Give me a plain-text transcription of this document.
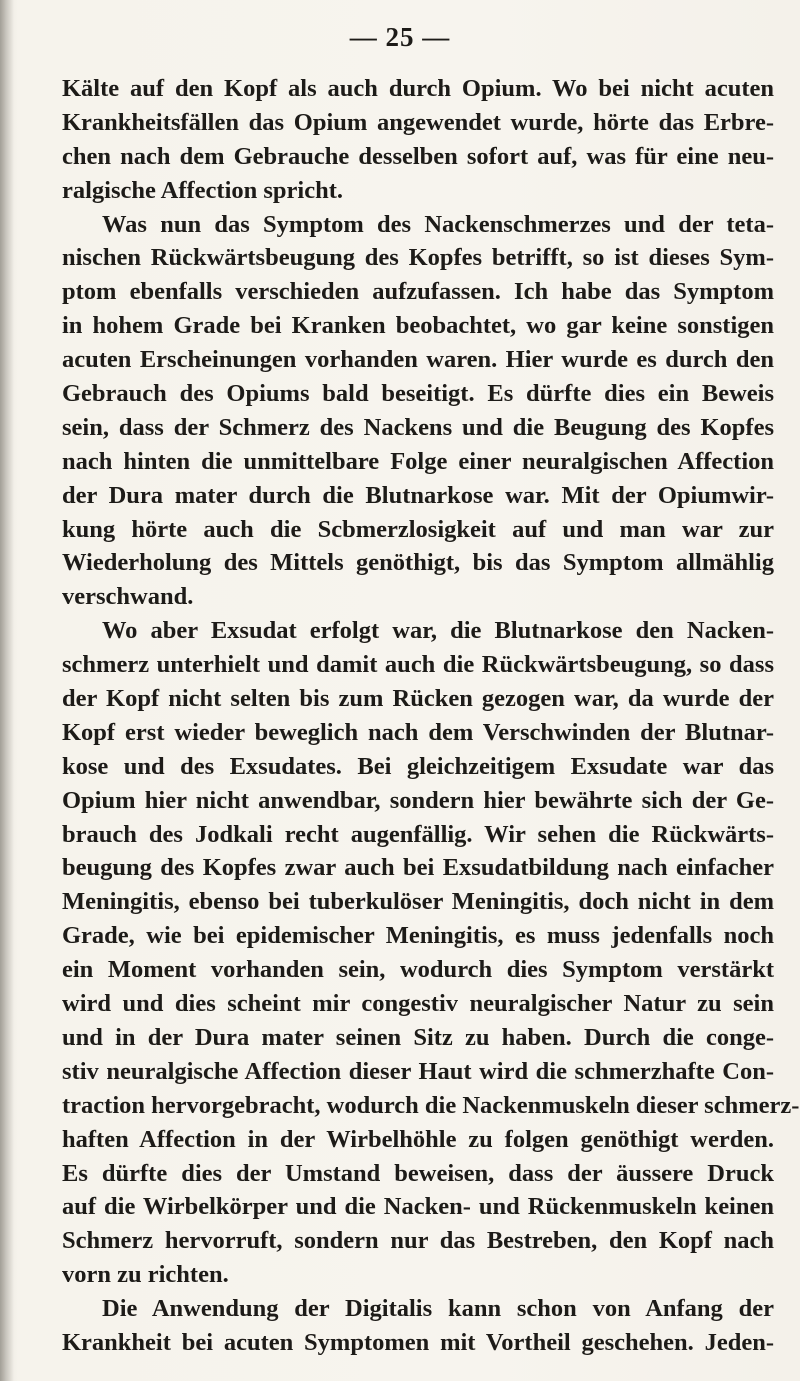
— 25 —
Kälte auf den Kopf als auch durch Opium. Wo bei nicht acuten
Krankheitsfällen das Opium angewendet wurde, hörte das Erbre-
chen nach dem Gebrauche desselben sofort auf, was für eine neu-
ralgische Affection spricht.
Was nun das Symptom des Nackenschmerzes und der teta-
nischen Rückwärtsbeugung des Kopfes betrifft, so ist dieses Sym-
ptom ebenfalls verschieden aufzufassen. Ich habe das Symptom
in hohem Grade bei Kranken beobachtet, wo gar keine sonstigen
acuten Erscheinungen vorhanden waren. Hier wurde es durch den
Gebrauch des Opiums bald beseitigt. Es dürfte dies ein Beweis
sein, dass der Schmerz des Nackens und die Beugung des Kopfes
nach hinten die unmittelbare Folge einer neuralgischen Affection
der Dura mater durch die Blutnarkose war. Mit der Opiumwir-
kung hörte auch die Scbmerzlosigkeit auf und man war zur
Wiederholung des Mittels genöthigt, bis das Symptom allmählig
verschwand.
Wo aber Exsudat erfolgt war, die Blutnarkose den Nacken-
schmerz unterhielt und damit auch die Rückwärtsbeugung, so dass
der Kopf nicht selten bis zum Rücken gezogen war, da wurde der
Kopf erst wieder beweglich nach dem Verschwinden der Blutnar-
kose und des Exsudates. Bei gleichzeitigem Exsudate war das
Opium hier nicht anwendbar, sondern hier bewährte sich der Ge-
brauch des Jodkali recht augenfällig. Wir sehen die Rückwärts-
beugung des Kopfes zwar auch bei Exsudatbildung nach einfacher
Meningitis, ebenso bei tuberkulöser Meningitis, doch nicht in dem
Grade, wie bei epidemischer Meningitis, es muss jedenfalls noch
ein Moment vorhanden sein, wodurch dies Symptom verstärkt
wird und dies scheint mir congestiv neuralgischer Natur zu sein
und in der Dura mater seinen Sitz zu haben. Durch die conge-
stiv neuralgische Affection dieser Haut wird die schmerzhafte Con-
traction hervorgebracht, wodurch die Nackenmuskeln dieser schmerz-
haften Affection in der Wirbelhöhle zu folgen genöthigt werden.
Es dürfte dies der Umstand beweisen, dass der äussere Druck
auf die Wirbelkörper und die Nacken- und Rückenmuskeln keinen
Schmerz hervorruft, sondern nur das Bestreben, den Kopf nach
vorn zu richten.
Die Anwendung der Digitalis kann schon von Anfang der
Krankheit bei acuten Symptomen mit Vortheil geschehen. Jeden-
